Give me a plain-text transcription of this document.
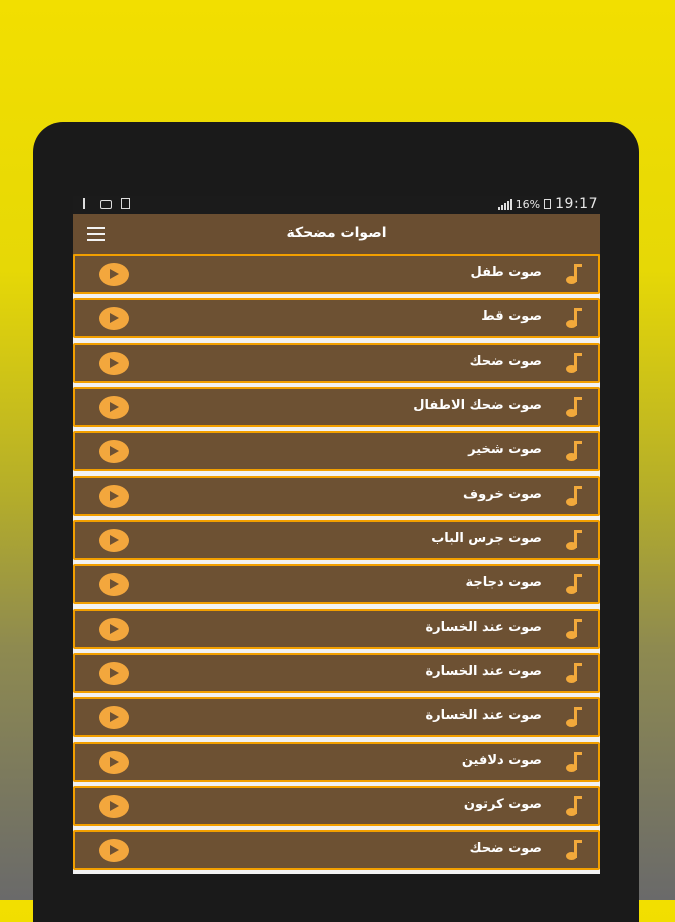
16% 19:17
اصوات مضحكة
صوت طفل
صوت قط
صوت ضحك
صوت ضحك الاطفال
صوت شخير
صوت خروف
صوت جرس الباب
صوت دجاجة
صوت عند الخسارة
صوت عند الخسارة
صوت عند الخسارة
صوت دلافين
صوت كرتون
صوت ضحك
